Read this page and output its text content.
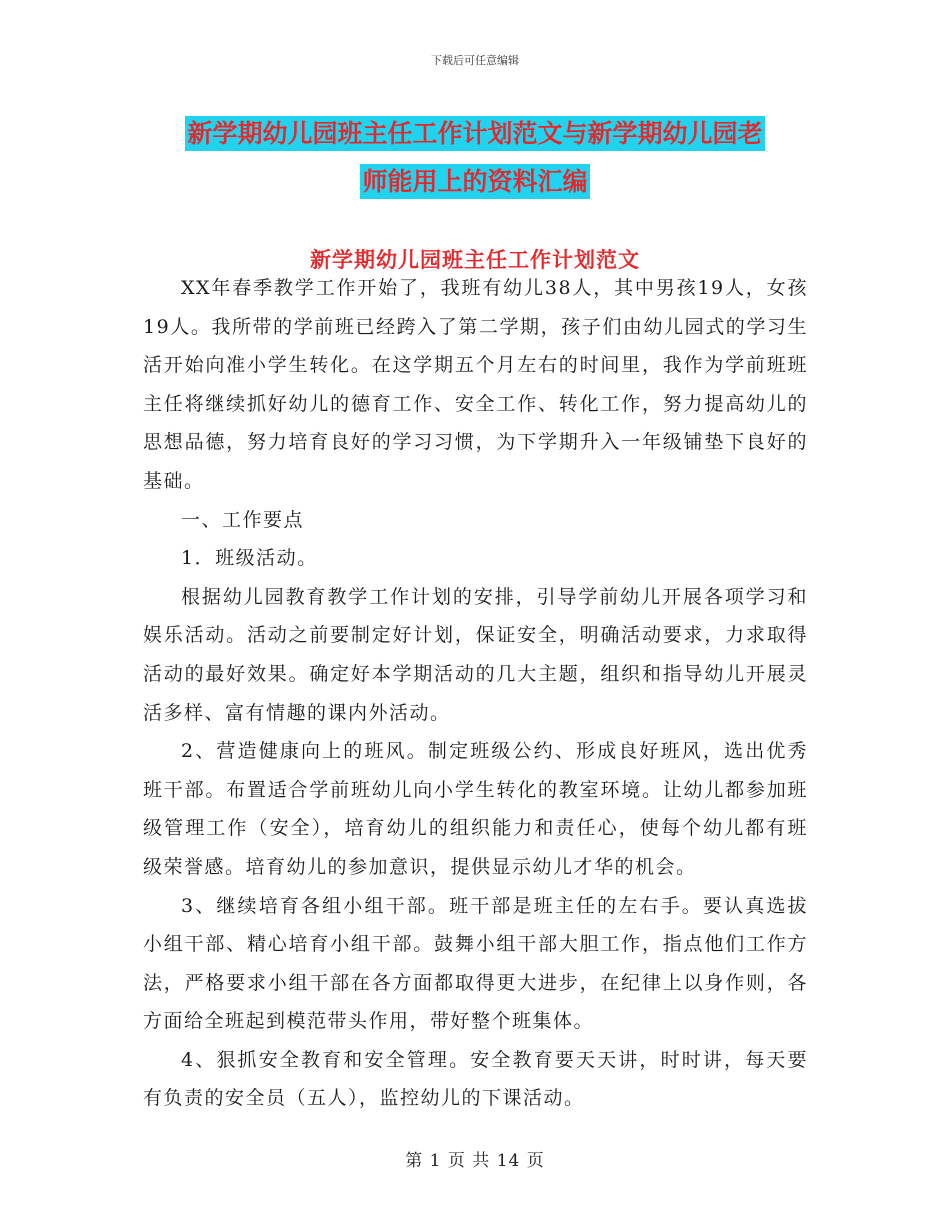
下载后可任意编辑
新学期幼儿园班主任工作计划范文与新学期幼儿园老
师能用上的资料汇编
新学期幼儿园班主任工作计划范文

XX年春季教学工作开始了，我班有幼儿38人，其中男孩19人，女孩19人。我所带的学前班已经跨入了第二学期，孩子们由幼儿园式的学习生活开始向准小学生转化。在这学期五个月左右的时间里，我作为学前班班主任将继续抓好幼儿的德育工作、安全工作、转化工作，努力提高幼儿的思想品德，努力培育良好的学习习惯，为下学期升入一年级铺垫下良好的基础。

一、工作要点

1．班级活动。

根据幼儿园教育教学工作计划的安排，引导学前幼儿开展各项学习和娱乐活动。活动之前要制定好计划，保证安全，明确活动要求，力求取得活动的最好效果。确定好本学期活动的几大主题，组织和指导幼儿开展灵活多样、富有情趣的课内外活动。

2、营造健康向上的班风。制定班级公约、形成良好班风，选出优秀班干部。布置适合学前班幼儿向小学生转化的教室环境。让幼儿都参加班级管理工作（安全），培育幼儿的组织能力和责任心，使每个幼儿都有班级荣誉感。培育幼儿的参加意识，提供显示幼儿才华的机会。

3、继续培育各组小组干部。班干部是班主任的左右手。要认真选拔小组干部、精心培育小组干部。鼓舞小组干部大胆工作，指点他们工作方法，严格要求小组干部在各方面都取得更大进步，在纪律上以身作则，各方面给全班起到模范带头作用，带好整个班集体。

4、狠抓安全教育和安全管理。安全教育要天天讲，时时讲，每天要有负责的安全员（五人），监控幼儿的下课活动。

第 1 页 共 14 页
